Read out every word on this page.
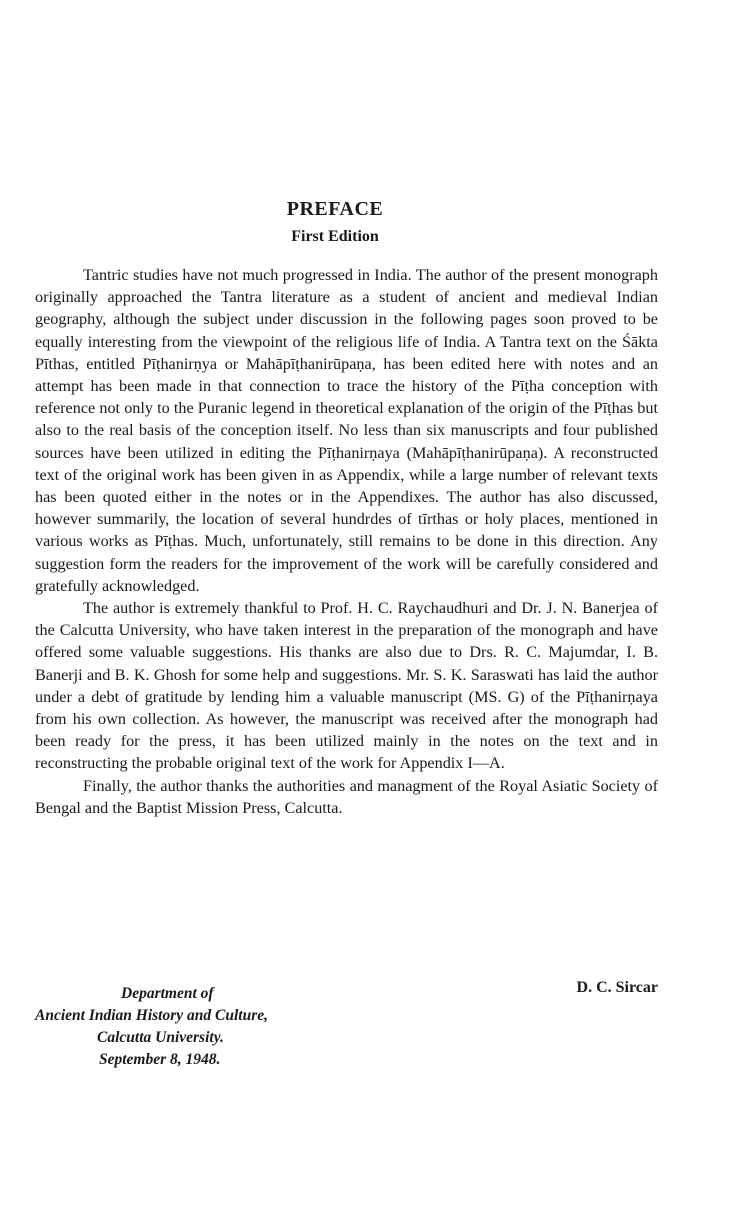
PREFACE
First Edition

Tantric studies have not much progressed in India. The author of the present monograph originally approached the Tantra literature as a student of ancient and medieval Indian geography, although the subject under discussion in the following pages soon proved to be equally interesting from the viewpoint of the religious life of India. A Tantra text on the Śākta Pīthas, entitled Pīṭhanirṇya or Mahāpīṭhanirūpaṇa, has been edited here with notes and an attempt has been made in that connection to trace the history of the Pīṭha conception with reference not only to the Puranic legend in theoretical explanation of the origin of the Pīṭhas but also to the real basis of the conception itself. No less than six manuscripts and four published sources have been utilized in editing the Pīṭhanirṇaya (Mahāpīṭhanirūpaṇa). A reconstructed text of the original work has been given in as Appendix, while a large number of relevant texts has been quoted either in the notes or in the Appendixes. The author has also discussed, however summarily, the location of several hundrdes of tīrthas or holy places, mentioned in various works as Pīṭhas. Much, unfortunately, still remains to be done in this direction. Any suggestion form the readers for the improvement of the work will be carefully considered and gratefully acknowledged.

The author is extremely thankful to Prof. H. C. Raychaudhuri and Dr. J. N. Banerjea of the Calcutta University, who have taken interest in the preparation of the monograph and have offered some valuable suggestions. His thanks are also due to Drs. R. C. Majumdar, I. B. Banerji and B. K. Ghosh for some help and suggestions. Mr. S. K. Saraswati has laid the author under a debt of gratitude by lending him a valuable manuscript (MS. G) of the Pīṭhanirṇaya from his own collection. As however, the manuscript was received after the monograph had been ready for the press, it has been utilized mainly in the notes on the text and in reconstructing the probable original text of the work for Appendix I—A.

Finally, the author thanks the authorities and managment of the Royal Asiatic Society of Bengal and the Baptist Mission Press, Calcutta.

Department of
Ancient Indian History and Culture,
Calcutta University.
September 8, 1948.
D. C. Sircar
